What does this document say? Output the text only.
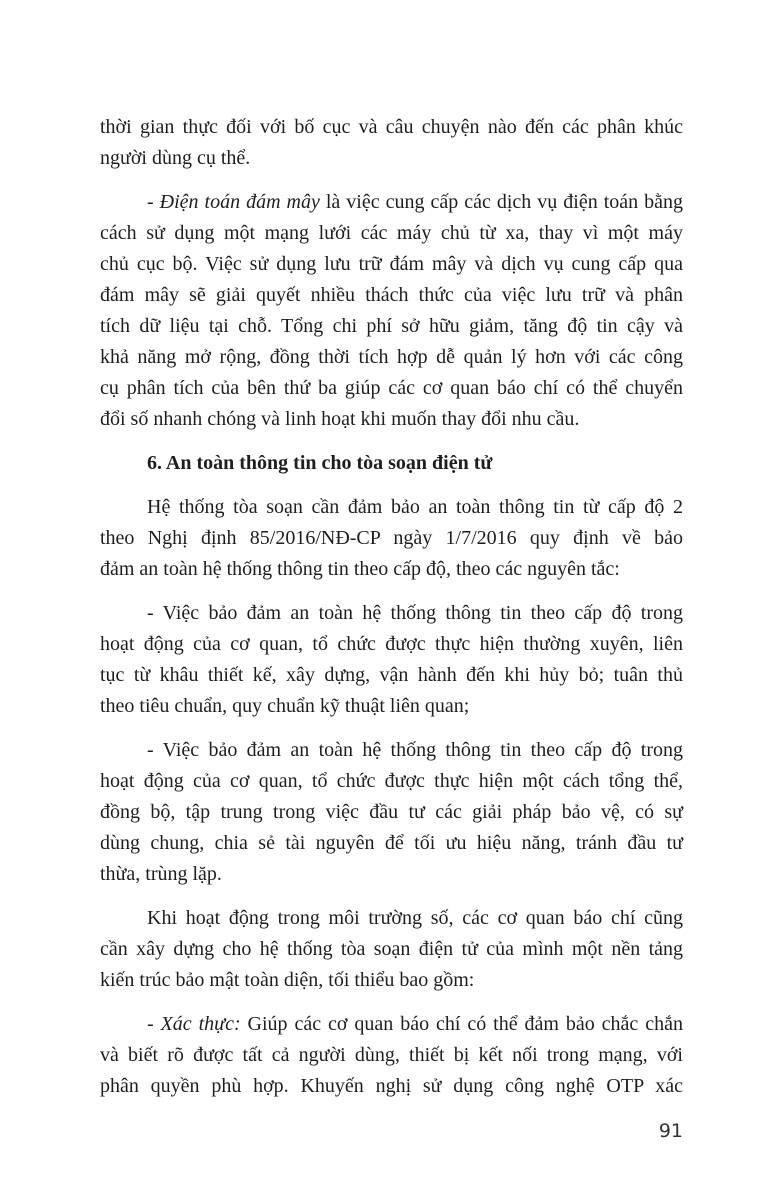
thời gian thực đối với bố cục và câu chuyện nào đến các phân khúc
người dùng cụ thể.
- Điện toán đám mây là việc cung cấp các dịch vụ điện toán bằng
cách sử dụng một mạng lưới các máy chủ từ xa, thay vì một máy
chủ cục bộ. Việc sử dụng lưu trữ đám mây và dịch vụ cung cấp qua
đám mây sẽ giải quyết nhiều thách thức của việc lưu trữ và phân
tích dữ liệu tại chỗ. Tổng chi phí sở hữu giảm, tăng độ tin cậy và
khả năng mở rộng, đồng thời tích hợp dễ quản lý hơn với các công
cụ phân tích của bên thứ ba giúp các cơ quan báo chí có thể chuyển
đổi số nhanh chóng và linh hoạt khi muốn thay đổi nhu cầu.
6. An toàn thông tin cho tòa soạn điện tử
Hệ thống tòa soạn cần đảm bảo an toàn thông tin từ cấp độ 2
theo Nghị định 85/2016/NĐ-CP ngày 1/7/2016 quy định về bảo
đảm an toàn hệ thống thông tin theo cấp độ, theo các nguyên tắc:
- Việc bảo đảm an toàn hệ thống thông tin theo cấp độ trong
hoạt động của cơ quan, tổ chức được thực hiện thường xuyên, liên
tục từ khâu thiết kế, xây dựng, vận hành đến khi hủy bỏ; tuân thủ
theo tiêu chuẩn, quy chuẩn kỹ thuật liên quan;
- Việc bảo đảm an toàn hệ thống thông tin theo cấp độ trong
hoạt động của cơ quan, tổ chức được thực hiện một cách tổng thể,
đồng bộ, tập trung trong việc đầu tư các giải pháp bảo vệ, có sự
dùng chung, chia sẻ tài nguyên để tối ưu hiệu năng, tránh đầu tư
thừa, trùng lặp.
Khi hoạt động trong môi trường số, các cơ quan báo chí cũng
cần xây dựng cho hệ thống tòa soạn điện tử của mình một nền tảng
kiến trúc bảo mật toàn diện, tối thiểu bao gồm:
- Xác thực: Giúp các cơ quan báo chí có thể đảm bảo chắc chắn
và biết rõ được tất cả người dùng, thiết bị kết nối trong mạng, với
phân quyền phù hợp. Khuyến nghị sử dụng công nghệ OTP xác
91
